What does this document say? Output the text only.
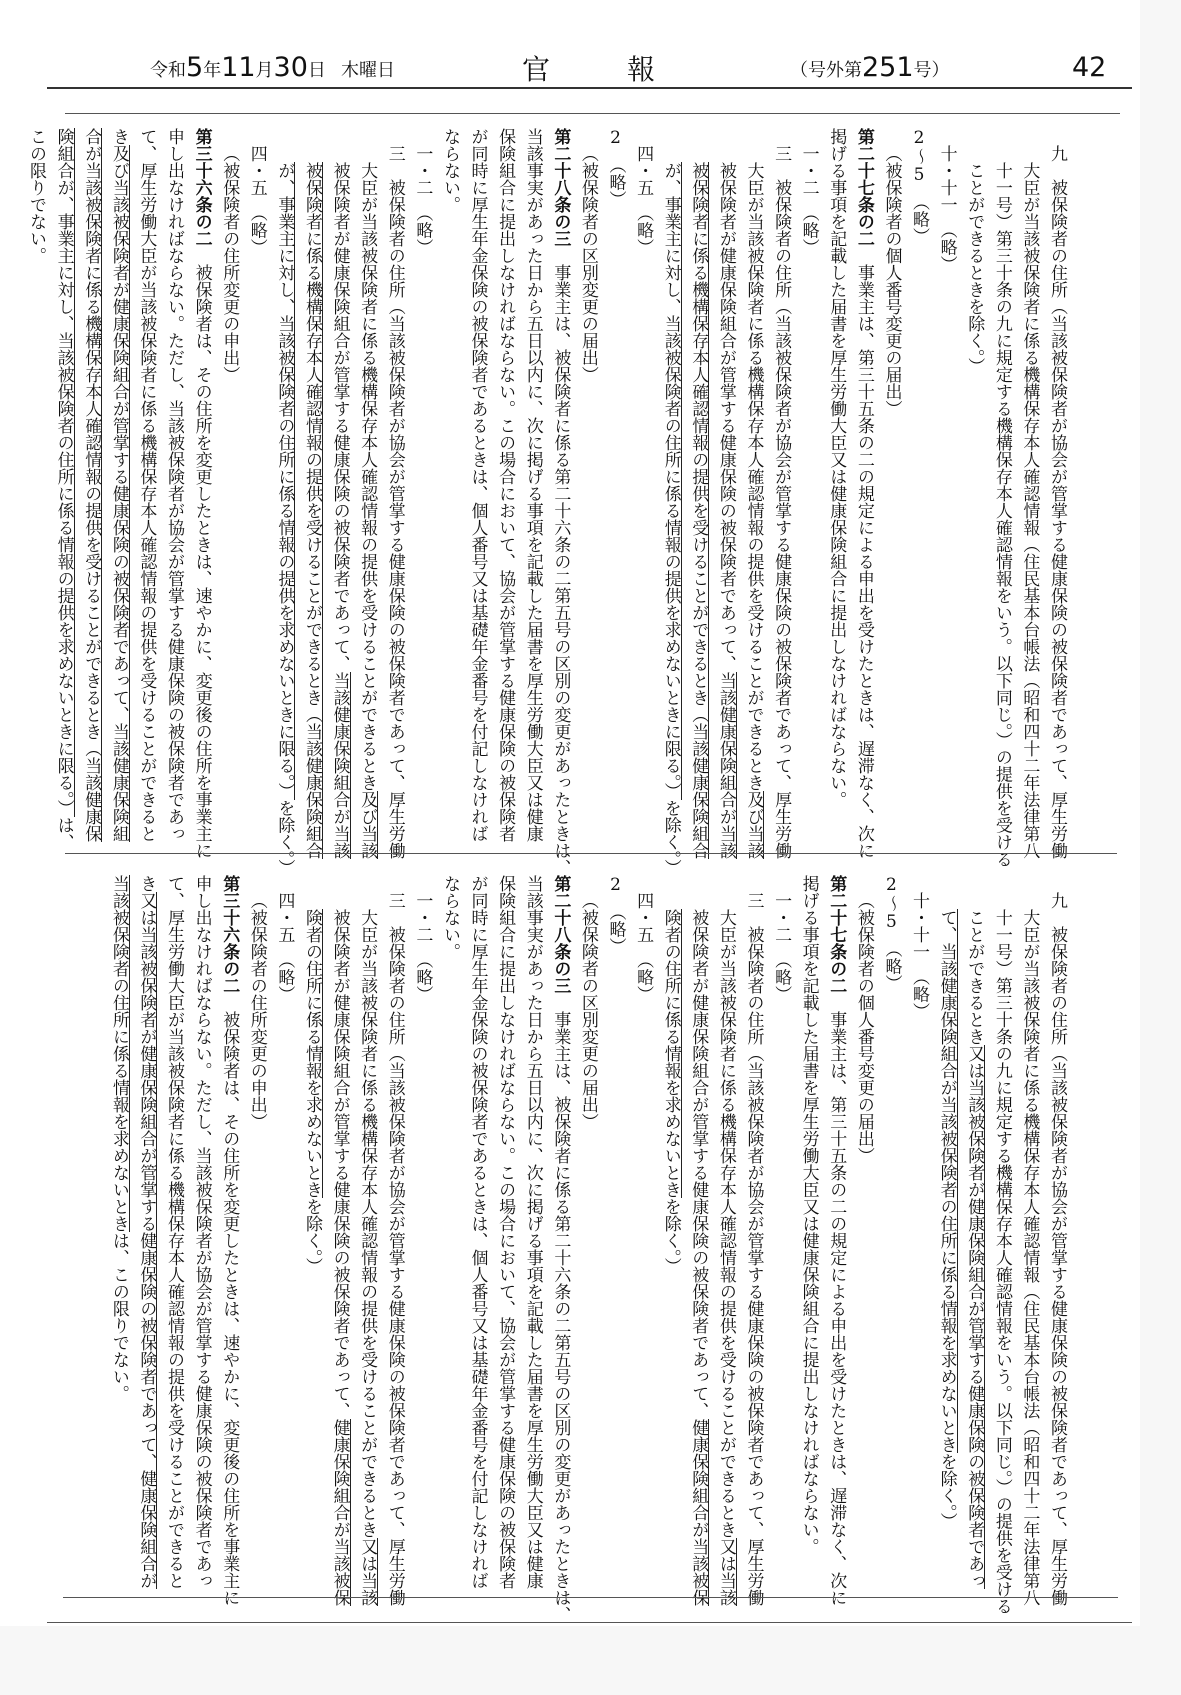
令和5年11月30日 木曜日	官	報	（号外第251号）	42
九　被保険者の住所（当該被保険者が協会が管掌する健康保険の被保険者であって、厚生労働
大臣が当該被保険者に係る機構保存本人確認情報（住民基本台帳法（昭和四十二年法律第八
十一号）第三十条の九に規定する機構保存本人確認情報をいう。以下同じ。）の提供を受ける
ことができるときを除く。）
十・十一　（略）
2～5　（略）
（被保険者の個人番号変更の届出）
第二十七条の二　事業主は、第三十五条の二の規定による申出を受けたときは、遅滞なく、次に
掲げる事項を記載した届書を厚生労働大臣又は健康保険組合に提出しなければならない。
一・二　（略）
三　被保険者の住所（当該被保険者が協会が管掌する健康保険の被保険者であって、厚生労働
大臣が当該被保険者に係る機構保存本人確認情報の提供を受けることができるとき及び当該
被保険者が健康保険組合が管掌する健康保険の被保険者であって、当該健康保険組合が当該
被保険者に係る機構保存本人確認情報の提供を受けることができるとき（当該健康保険組合
が、事業主に対し、当該被保険者の住所に係る情報の提供を求めないときに限る。）を除く。）
四・五　（略）
2　（略）
（被保険者の区別変更の届出）
第二十八条の三　事業主は、被保険者に係る第二十六条の二第五号の区別の変更があったときは、
当該事実があった日から五日以内に、次に掲げる事項を記載した届書を厚生労働大臣又は健康
保険組合に提出しなければならない。この場合において、協会が管掌する健康保険の被保険者
が同時に厚生年金保険の被保険者であるときは、個人番号又は基礎年金番号を付記しなければ
ならない。
一・二　（略）
三　被保険者の住所（当該被保険者が協会が管掌する健康保険の被保険者であって、厚生労働
大臣が当該被保険者に係る機構保存本人確認情報の提供を受けることができるとき及び当該
被保険者が健康保険組合が管掌する健康保険の被保険者であって、当該健康保険組合が当該
被保険者に係る機構保存本人確認情報の提供を受けることができるとき（当該健康保険組合
が、事業主に対し、当該被保険者の住所に係る情報の提供を求めないときに限る。）を除く。）
四・五　（略）
（被保険者の住所変更の申出）
第三十六条の二　被保険者は、その住所を変更したときは、速やかに、変更後の住所を事業主に
申し出なければならない。ただし、当該被保険者が協会が管掌する健康保険の被保険者であっ
て、厚生労働大臣が当該被保険者に係る機構保存本人確認情報の提供を受けることができると
き及び当該被保険者が健康保険組合が管掌する健康保険の被保険者であって、当該健康保険組
合が当該被保険者に係る機構保存本人確認情報の提供を受けることができるとき（当該健康保
険組合が、事業主に対し、当該被保険者の住所に係る情報の提供を求めないときに限る。）は、
この限りでない。
九　被保険者の住所（当該被保険者が協会が管掌する健康保険の被保険者であって、厚生労働
大臣が当該被保険者に係る機構保存本人確認情報（住民基本台帳法（昭和四十二年法律第八
十一号）第三十条の九に規定する機構保存本人確認情報をいう。以下同じ。）の提供を受ける
ことができるとき又は当該被保険者が健康保険組合が管掌する健康保険の被保険者であっ
て、当該健康保険組合が当該被保険者の住所に係る情報を求めないときを除く。）
十・十一　（略）
2～5　（略）
（被保険者の個人番号変更の届出）
第二十七条の二　事業主は、第三十五条の二の規定による申出を受けたときは、遅滞なく、次に
掲げる事項を記載した届書を厚生労働大臣又は健康保険組合に提出しなければならない。
一・二　（略）
三　被保険者の住所（当該被保険者が協会が管掌する健康保険の被保険者であって、厚生労働
大臣が当該被保険者に係る機構保存本人確認情報の提供を受けることができるとき又は当該
被保険者が健康保険組合が管掌する健康保険の被保険者であって、健康保険組合が当該被保
険者の住所に係る情報を求めないときを除く。）
四・五　（略）
2　（略）
（被保険者の区別変更の届出）
第二十八条の三　事業主は、被保険者に係る第二十六条の二第五号の区別の変更があったときは、
当該事実があった日から五日以内に、次に掲げる事項を記載した届書を厚生労働大臣又は健康
保険組合に提出しなければならない。この場合において、協会が管掌する健康保険の被保険者
が同時に厚生年金保険の被保険者であるときは、個人番号又は基礎年金番号を付記しなければ
ならない。
一・二　（略）
三　被保険者の住所（当該被保険者が協会が管掌する健康保険の被保険者であって、厚生労働
大臣が当該被保険者に係る機構保存本人確認情報の提供を受けることができるとき又は当該
被保険者が健康保険組合が管掌する健康保険の被保険者であって、健康保険組合が当該被保
険者の住所に係る情報を求めないときを除く。）
四・五　（略）
（被保険者の住所変更の申出）
第三十六条の二　被保険者は、その住所を変更したときは、速やかに、変更後の住所を事業主に
申し出なければならない。ただし、当該被保険者が協会が管掌する健康保険の被保険者であっ
て、厚生労働大臣が当該被保険者に係る機構保存本人確認情報の提供を受けることができると
き又は当該被保険者が健康保険組合が管掌する健康保険の被保険者であって、健康保険組合が
当該被保険者の住所に係る情報を求めないときは、この限りでない。
